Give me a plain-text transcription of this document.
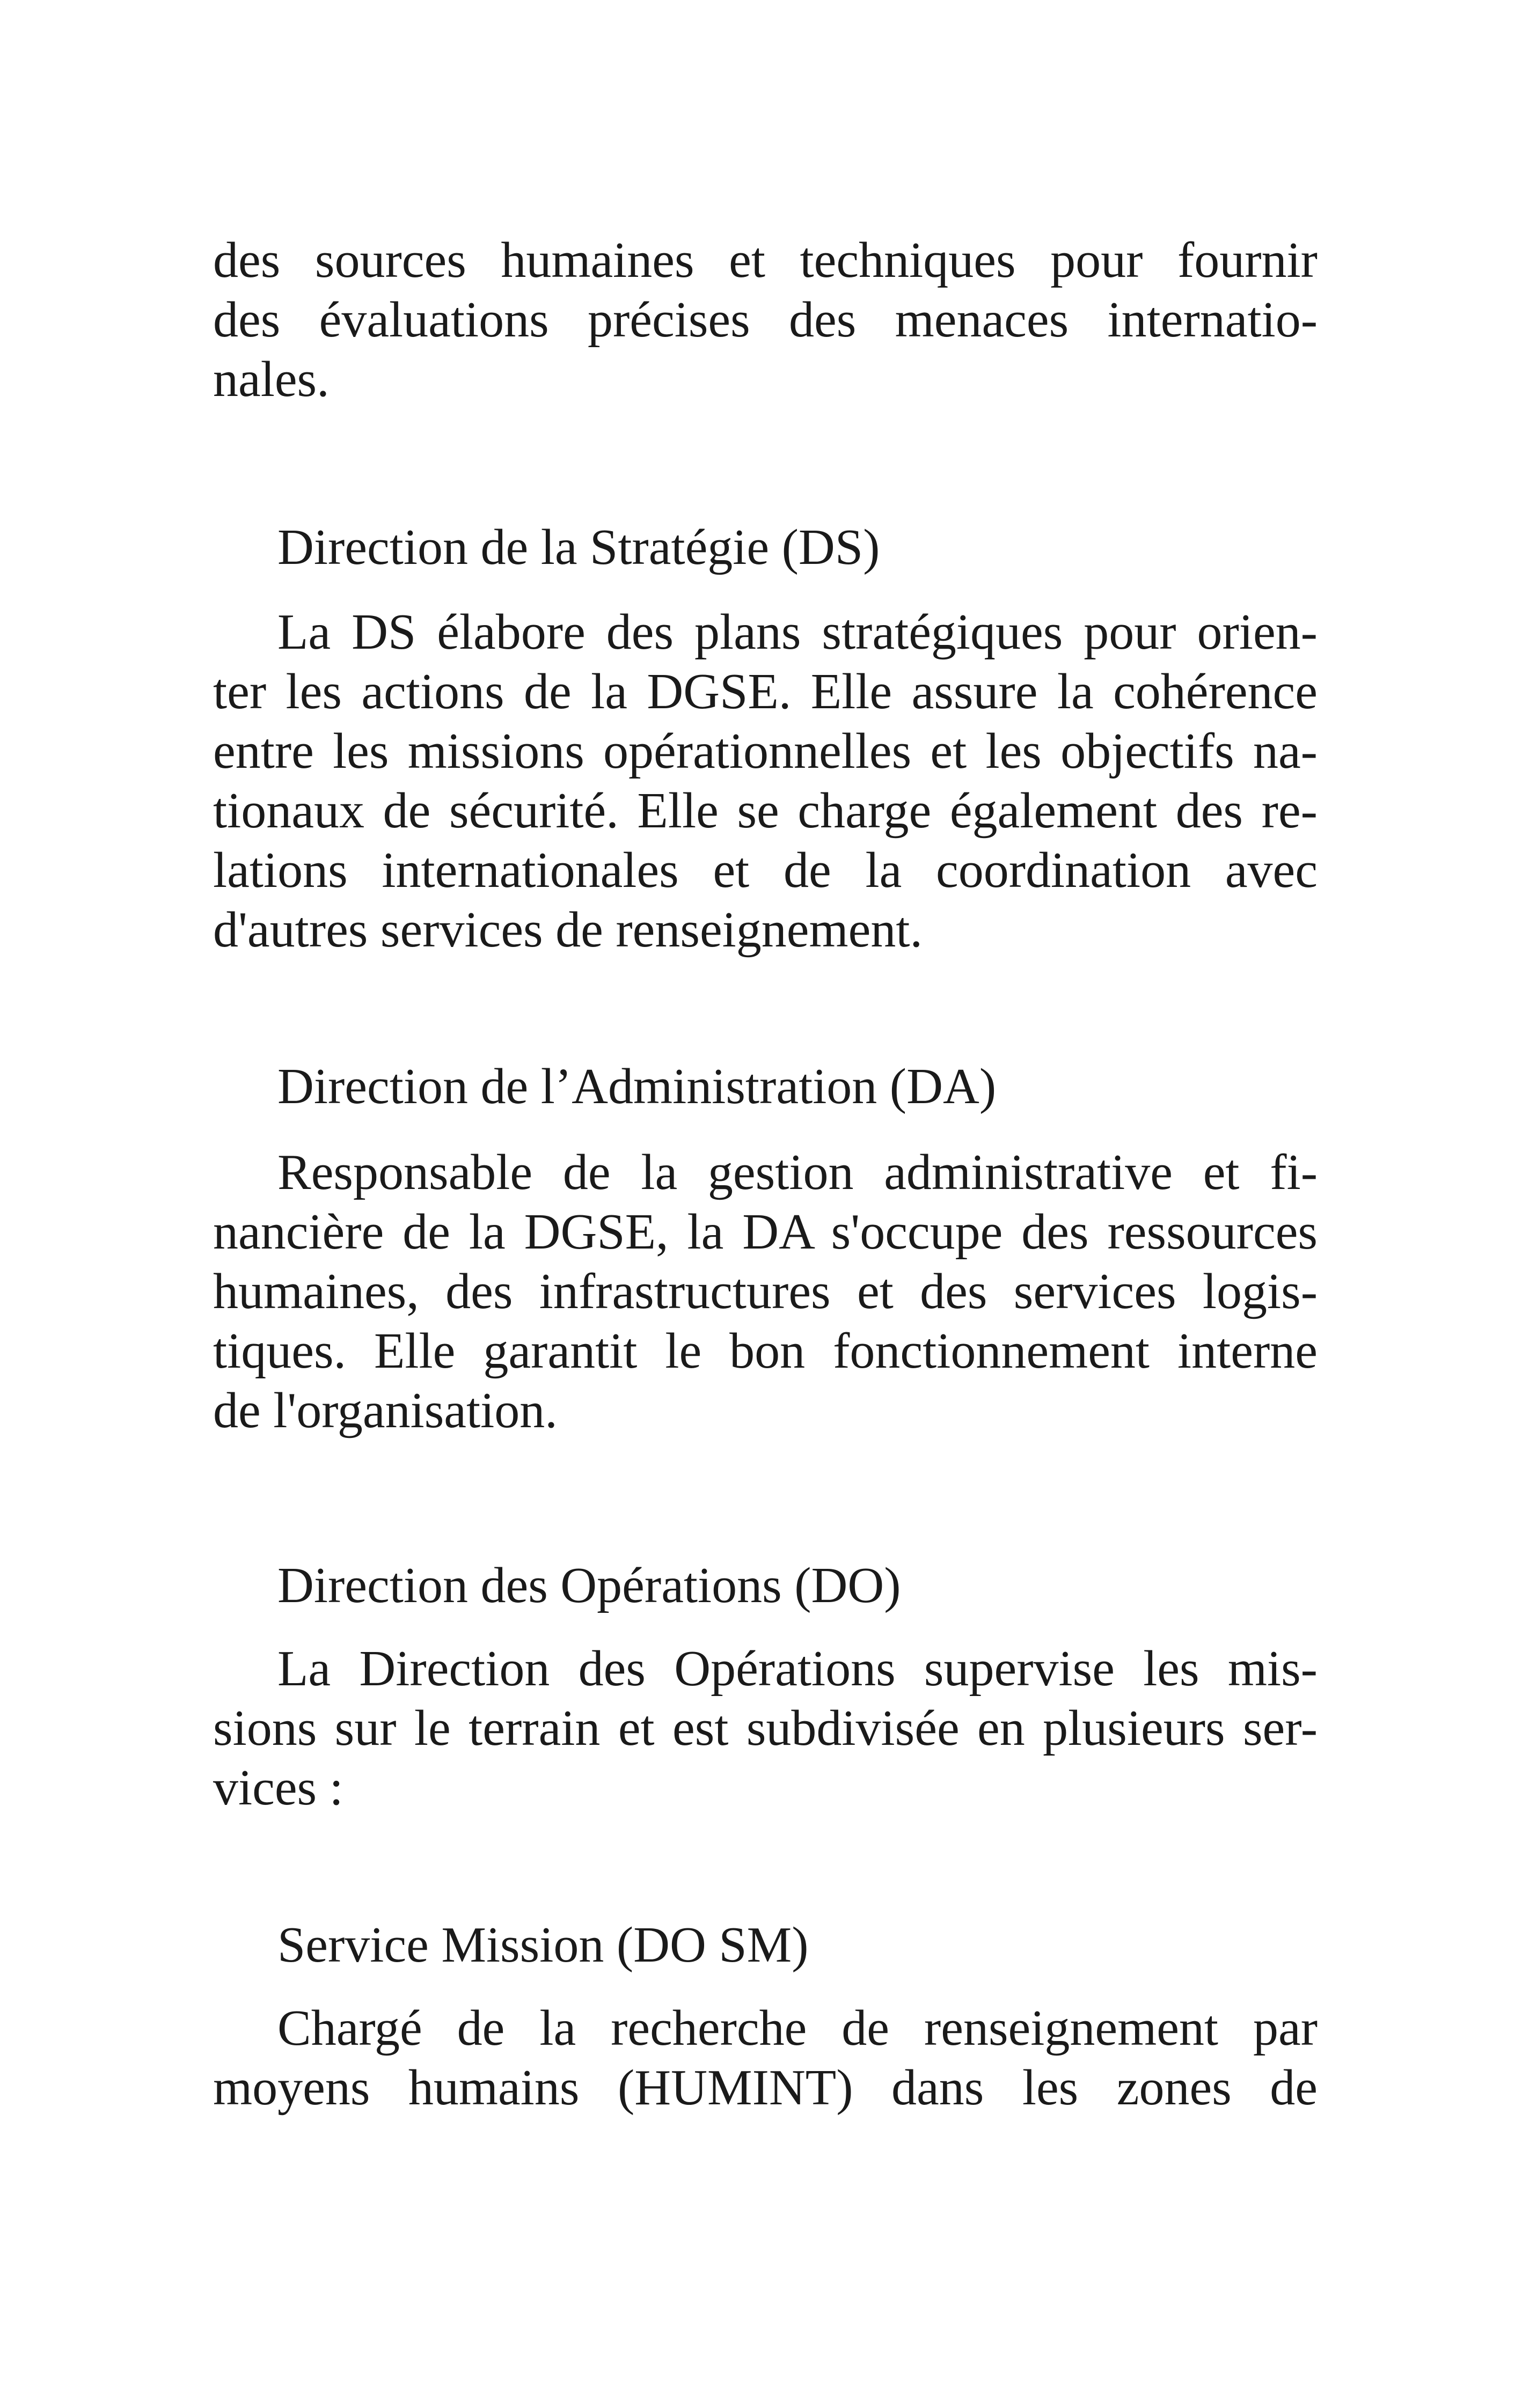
des sources humaines et techniques pour fournir
des évaluations précises des menaces internatio-
nales.
Direction de la Stratégie (DS)
La DS élabore des plans stratégiques pour orien-
ter les actions de la DGSE. Elle assure la cohérence
entre les missions opérationnelles et les objectifs na-
tionaux de sécurité. Elle se charge également des re-
lations internationales et de la coordination avec
d'autres services de renseignement.
Direction de l’Administration (DA)
Responsable de la gestion administrative et fi-
nancière de la DGSE, la DA s'occupe des ressources
humaines, des infrastructures et des services logis-
tiques. Elle garantit le bon fonctionnement interne
de l'organisation.
Direction des Opérations (DO)
La Direction des Opérations supervise les mis-
sions sur le terrain et est subdivisée en plusieurs ser-
vices :
Service Mission (DO SM)
Chargé de la recherche de renseignement par
moyens humains (HUMINT) dans les zones de
